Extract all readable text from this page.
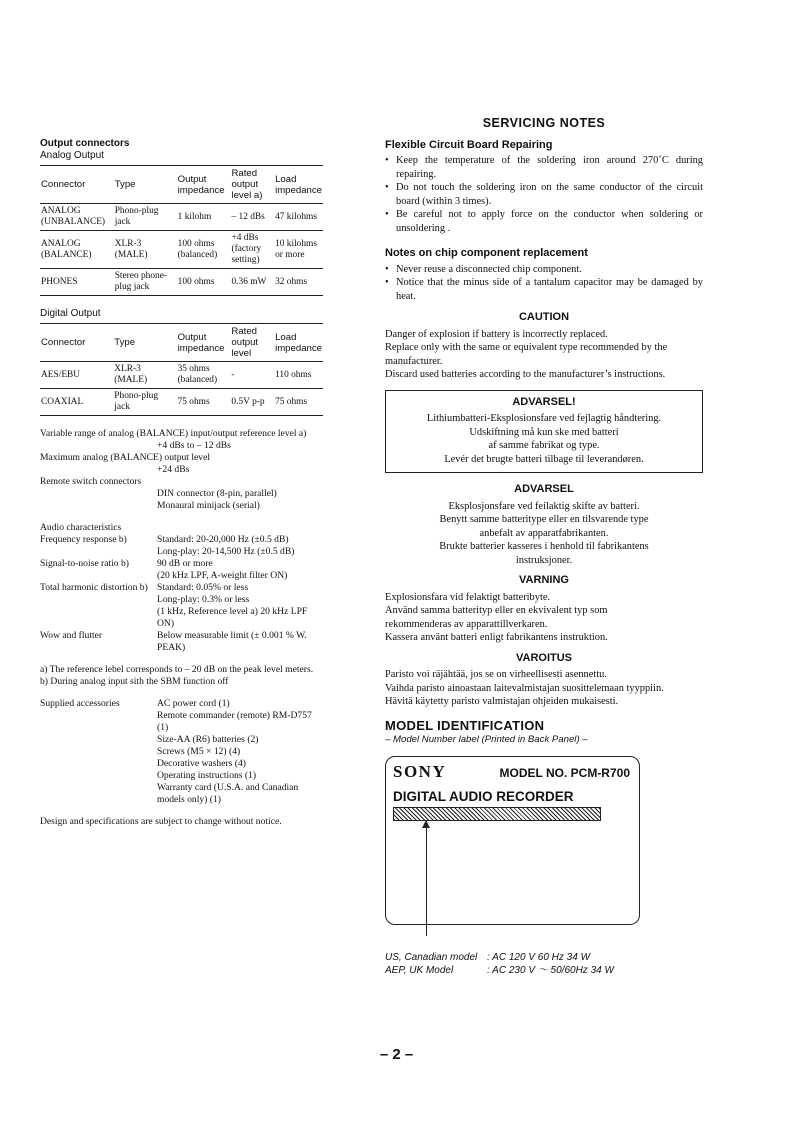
Output connectors
Analog Output
Connector	Type	Output impedance	Rated output level a)	Load impedance
ANALOG (UNBALANCE)	Phono-plug jack	1 kilohm	– 12 dBs	47 kilohms
ANALOG (BALANCE)	XLR-3 (MALE)	100 ohms (balanced)	+4 dBs (factory setting)	10 kilohms or more
PHONES	Stereo phone-plug jack	100 ohms	0.36 mW	32 ohms
Digital Output
Connector	Type	Output impedance	Rated output level	Load impedance
AES/EBU	XLR-3 (MALE)	35 ohms (balanced)	-	110 ohms
COAXIAL	Phono-plug jack	75 ohms	0.5V p-p	75 ohms
Variable range of analog (BALANCE) input/output reference level a)
+4 dBs to – 12 dBs
Maximum analog (BALANCE) output level
+24 dBs
Remote switch connectors
DIN connector (8-pin, parallel)
Monaural minijack (serial)
Audio characteristics
Frequency response b)	Standard: 20-20,000 Hz (±0.5 dB)
Long-play: 20-14,500 Hz (±0.5 dB)
Signal-to-noise ratio b)	90 dB or more
(20 kHz LPF, A-weight filter ON)
Total harmonic distortion b) Standard: 0.05% or less
Long-play: 0.3% or less
(1 kHz, Reference level a) 20 kHz LPF ON)
Wow and flutter	Below measurable limit (± 0.001 % W. PEAK)
a) The reference lebel corresponds to – 20 dB on the peak level meters.
b) During analog input sith the SBM function off
Supplied accessories	AC power cord (1)
Remote commander (remote) RM-D757 (1)
Size-AA (R6) batteries (2)
Screws (M5 × 12) (4)
Decorative washers (4)
Operating instructions (1)
Warranty card (U.S.A. and Canadian models only) (1)
Design and specifications are subject to change without notice.
SERVICING NOTES
Flexible Circuit Board Repairing
• Keep the temperature of the soldering iron around 270˚C during repairing.
• Do not touch the soldering iron on the same conductor of the circuit board (within 3 times).
• Be careful not to apply force on the conductor when soldering or unsoldering .
Notes on chip component replacement
• Never reuse a disconnected chip component.
• Notice that the minus side of a tantalum capacitor may be damaged by heat.
CAUTION

Danger of explosion if battery is incorrectly replaced.

Replace only with the same or equivalent type recommended by the manufacturer.

Discard used batteries according to the manufacturer’s instructions.

ADVARSEL!

Lithiumbatteri-Eksplosionsfare ved fejlagtig håndtering.

Udskiftning må kun ske med batteri

af samme fabrikat og type.

Levér det brugte batteri tilbage til leverandøren.

ADVARSEL

Eksplosjonsfare ved feilaktig skifte av batteri.

Benytt samme batteritype eller en tilsvarende type

anbefalt av apparatfabrikanten.

Brukte batterier kasseres i henhold til fabrikantens

instruksjoner.

VARNING

Explosionsfara vid felaktigt batteribyte.

Använd samma batterityp eller en ekvivalent typ som

rekommenderas av apparattillverkaren.

Kassera använt batteri enligt fabrikantens instruktion.

VAROITUS

Paristo voi räjähtää, jos se on virheellisesti asennettu.

Vaihda paristo ainoastaan laitevalmistajan suosittelemaan tyyppiin.

Hävitä käytetty paristo valmistajan ohjeiden mukaisesti.

MODEL IDENTIFICATION
– Model Number label (Printed in Back Panel) –
SONY	MODEL NO. PCM-R700
DIGITAL AUDIO RECORDER
US, Canadian model : AC 120 V 60 Hz 34 W
AEP, UK Model	: AC 230 V ～ 50/60Hz 34 W
– 2 –
